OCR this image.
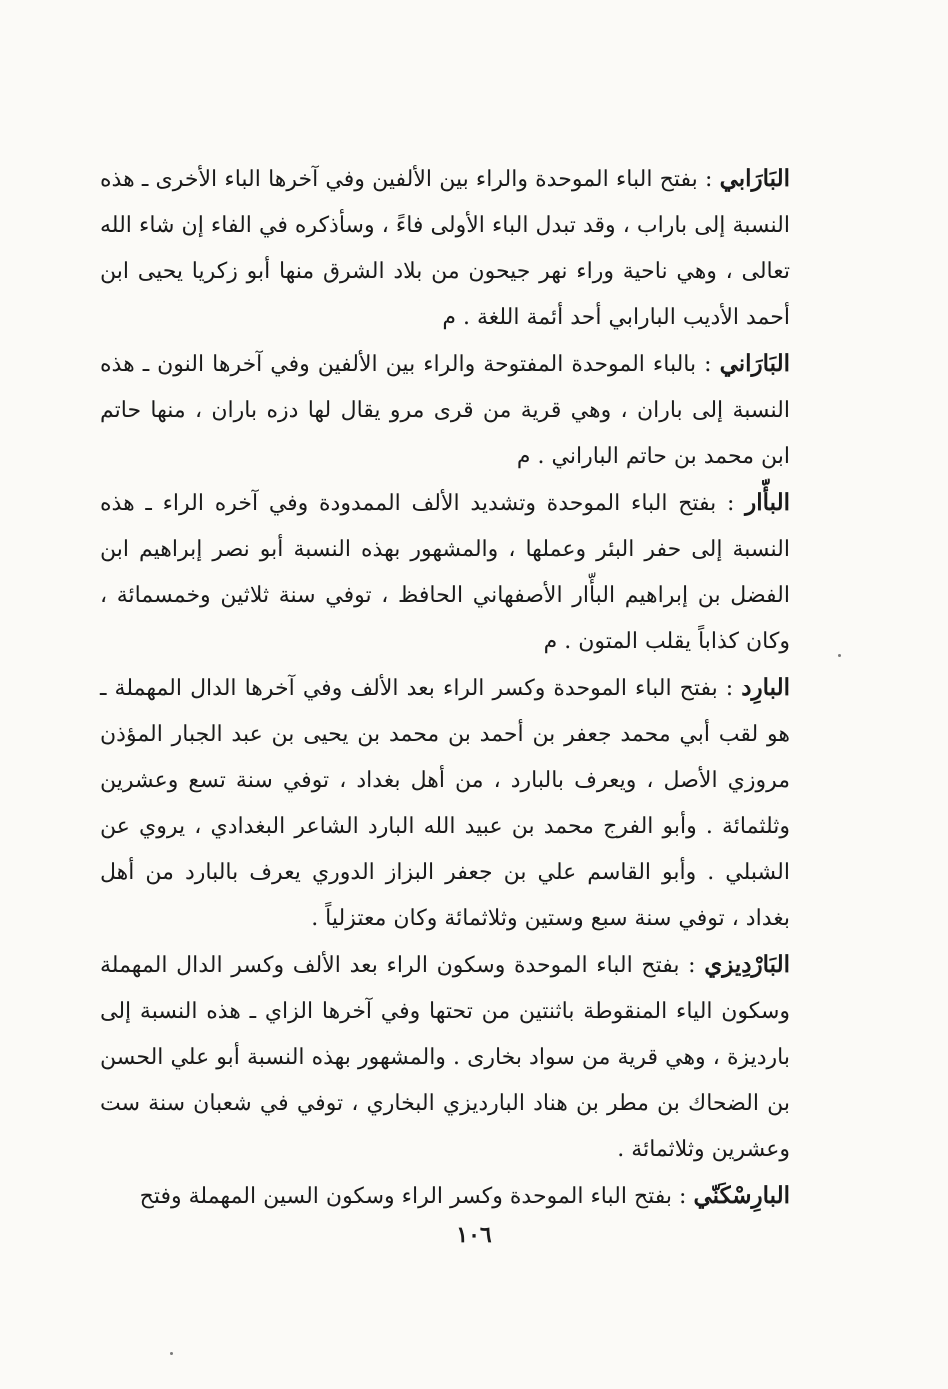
البَارَابي : بفتح الباء الموحدة والراء بين الألفين وفي آخرها الباء الأخرى ـ هذه النسبة إلى باراب ، وقد تبدل الباء الأولى فاءً ، وسأذكره في الفاء إن شاء الله تعالى ، وهي ناحية وراء نهر جيحون من بلاد الشرق منها أبو زكريا يحيى ابن أحمد الأديب البارابي أحد أئمة اللغة . م

البَارَاني : بالباء الموحدة المفتوحة والراء بين الألفين وفي آخرها النون ـ هذه النسبة إلى باران ، وهي قرية من قرى مرو يقال لها دزه باران ، منها حاتم ابن محمد بن حاتم الباراني . م

البأّار : بفتح الباء الموحدة وتشديد الألف الممدودة وفي آخره الراء ـ هذه النسبة إلى حفر البئر وعملها ، والمشهور بهذه النسبة أبو نصر إبراهيم ابن الفضل بن إبراهيم البأّار الأصفهاني الحافظ ، توفي سنة ثلاثين وخمسمائة ، وكان كذاباً يقلب المتون . م

البارِد : بفتح الباء الموحدة وكسر الراء بعد الألف وفي آخرها الدال المهملة ـ هو لقب أبي محمد جعفر بن أحمد بن محمد بن يحيى بن عبد الجبار المؤذن مروزي الأصل ، ويعرف بالبارد ، من أهل بغداد ، توفي سنة تسع وعشرين وثلثمائة . وأبو الفرج محمد بن عبيد الله البارد الشاعر البغدادي ، يروي عن الشبلي . وأبو القاسم علي بن جعفر البزاز الدوري يعرف بالبارد من أهل بغداد ، توفي سنة سبع وستين وثلاثمائة وكان معتزلياً .

البَارْدِيزي : بفتح الباء الموحدة وسكون الراء بعد الألف وكسر الدال المهملة وسكون الياء المنقوطة باثنتين من تحتها وفي آخرها الزاي ـ هذه النسبة إلى بارديزة ، وهي قرية من سواد بخارى . والمشهور بهذه النسبة أبو علي الحسن بن الضحاك بن مطر بن هناد البارديزي البخاري ، توفي في شعبان سنة ست وعشرين وثلاثمائة .

البارِسْكَنّي : بفتح الباء الموحدة وكسر الراء وسكون السين المهملة وفتح

١٠٦
